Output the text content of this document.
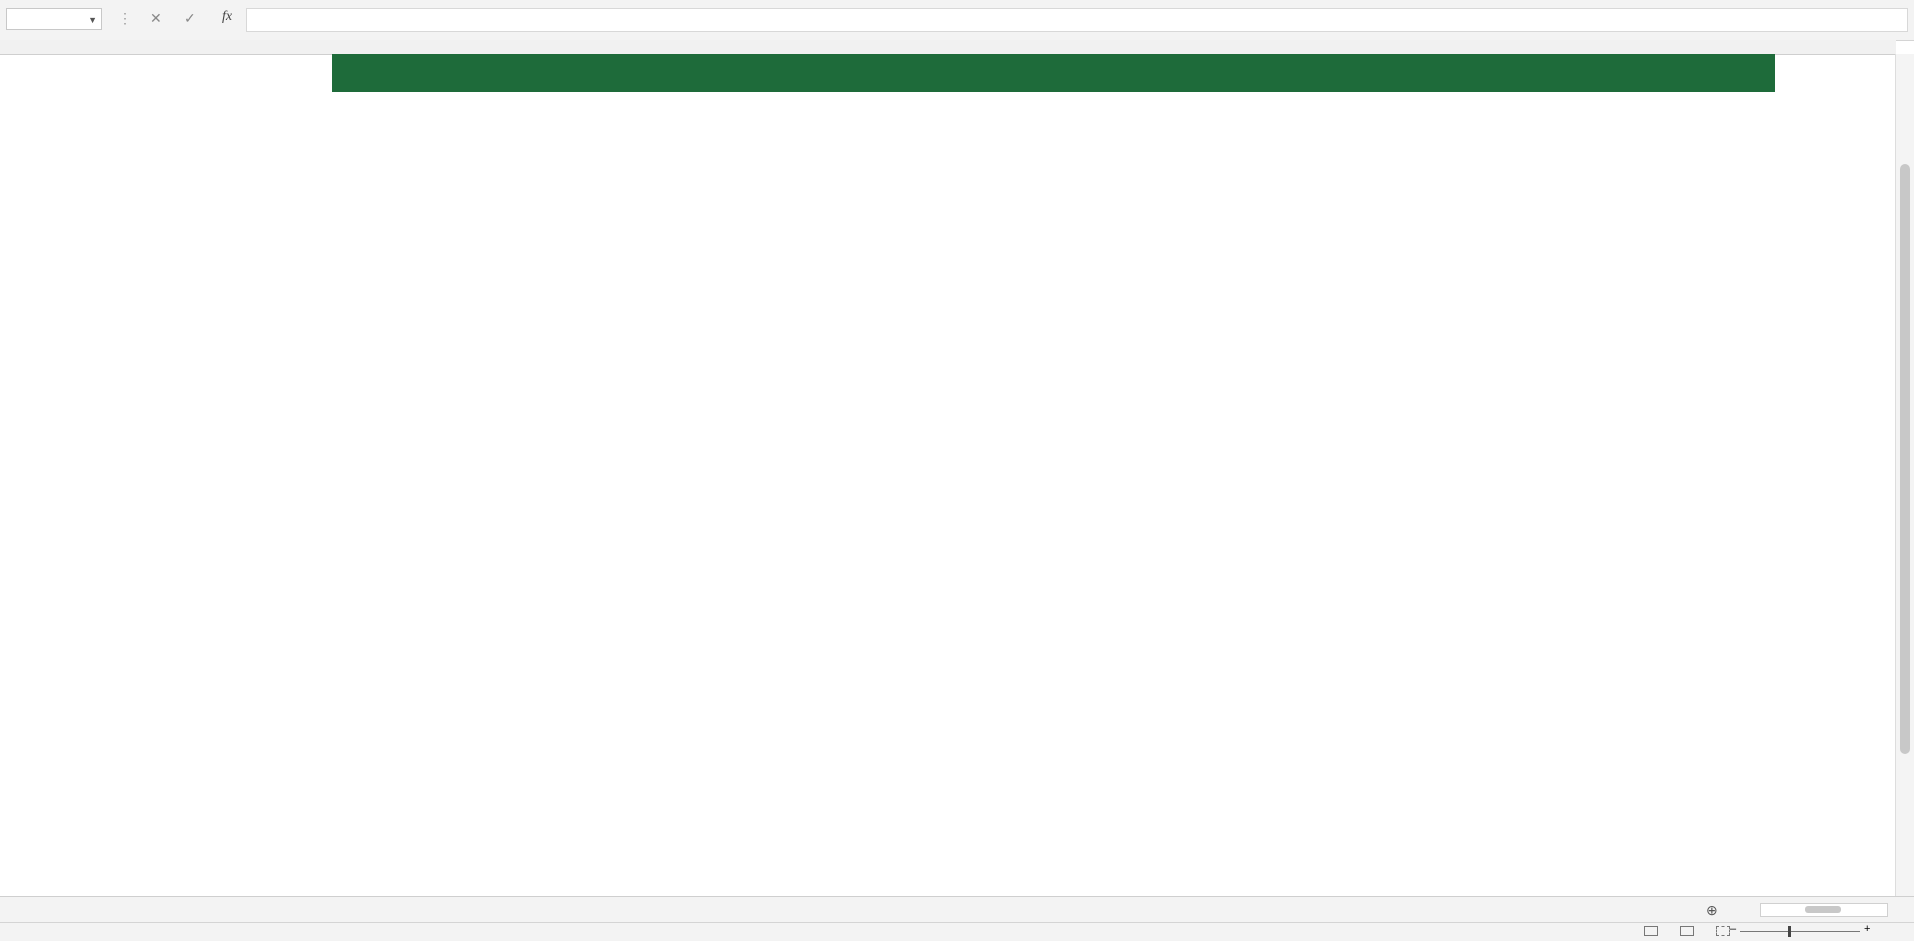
▼ ⋮ ✕ ✓ fx
⊕
–	+
